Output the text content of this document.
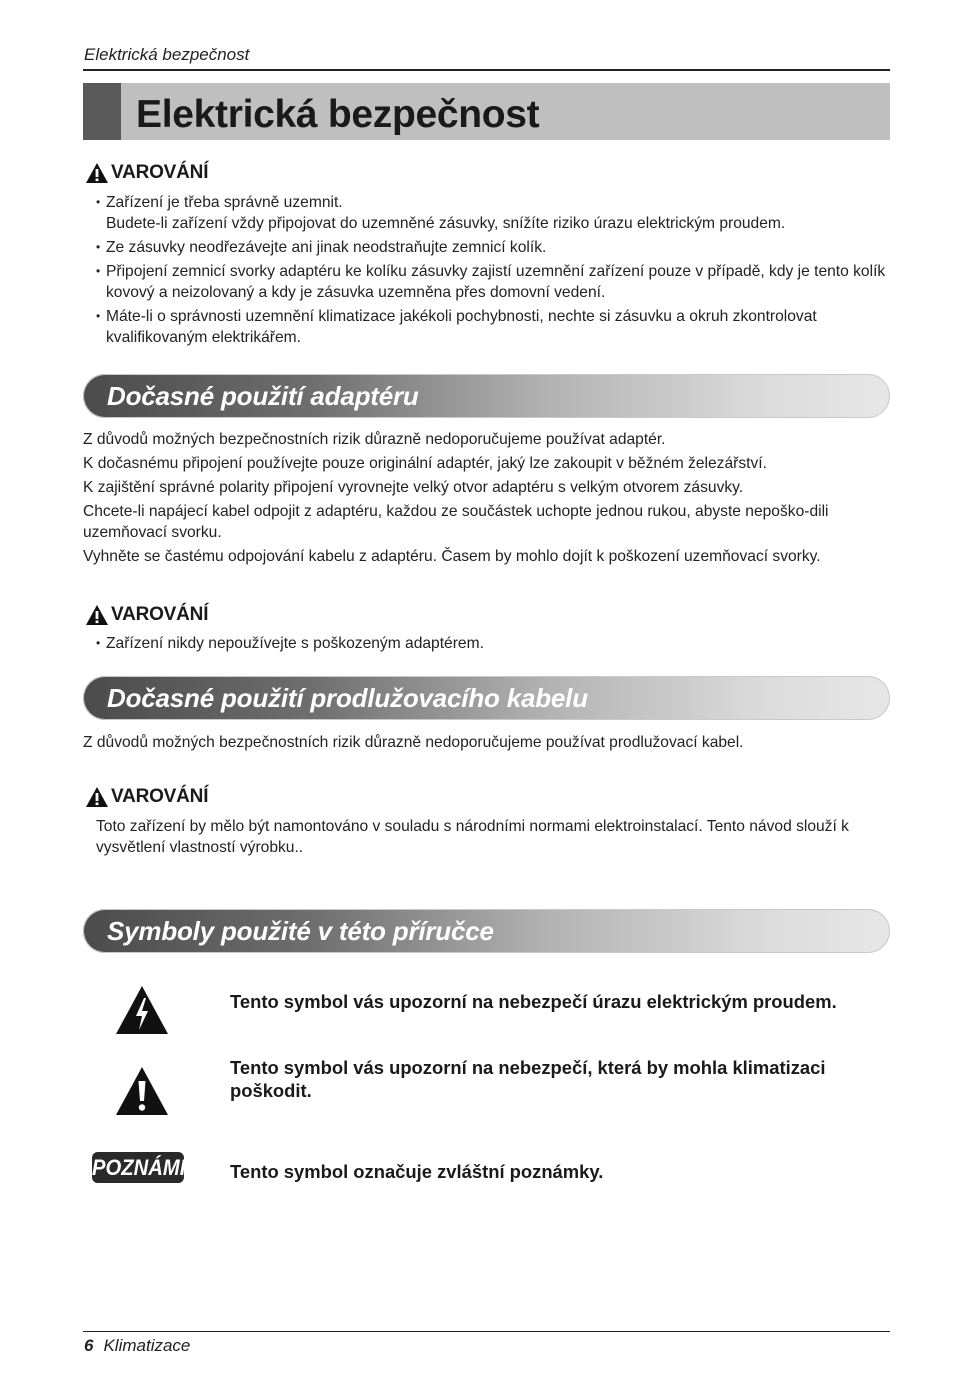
Elektrická bezpečnost
Elektrická bezpečnost
VAROVÁNÍ
• Zařízení je třeba správně uzemnit.
Budete-li zařízení vždy připojovat do uzemněné zásuvky, snížíte riziko úrazu elektrickým proudem.
• Ze zásuvky neodřezávejte ani jinak neodstraňujte zemnicí kolík.
• Připojení zemnicí svorky adaptéru ke kolíku zásuvky zajistí uzemnění zařízení pouze v případě, kdy je tento kolík kovový a neizolovaný a kdy je zásuvka uzemněna přes domovní vedení.
• Máte-li o správnosti uzemnění klimatizace jakékoli pochybnosti, nechte si zásuvku a okruh zkontrolovat kvalifikovaným elektrikářem.
Dočasné použití adaptéru

Z důvodů možných bezpečnostních rizik důrazně nedoporučujeme používat adaptér.

K dočasnému připojení používejte pouze originální adaptér, jaký lze zakoupit v běžném železářství.

K zajištění správné polarity připojení vyrovnejte velký otvor adaptéru s velkým otvorem zásuvky.

Chcete-li napájecí kabel odpojit z adaptéru, každou ze součástek uchopte jednou rukou, abyste nepoško-dili uzemňovací svorku.

Vyhněte se častému odpojování kabelu z adaptéru. Časem by mohlo dojít k poškození uzemňovací svorky.

VAROVÁNÍ
• Zařízení nikdy nepoužívejte s poškozeným adaptérem.
Dočasné použití prodlužovacího kabelu
Z důvodů možných bezpečnostních rizik důrazně nedoporučujeme používat prodlužovací kabel.
VAROVÁNÍ
Toto zařízení by mělo být namontováno v souladu s národními normami elektroinstalací. Tento návod slouží k vysvětlení vlastností výrobku..
Symboly použité v této příručce
Tento symbol vás upozorní na nebezpečí úrazu elektrickým proudem.
Tento symbol vás upozorní na nebezpečí, která by mohla klimatizaci poškodit.
POZNÁMKA Tento symbol označuje zvláštní poznámky.
6 Klimatizace
